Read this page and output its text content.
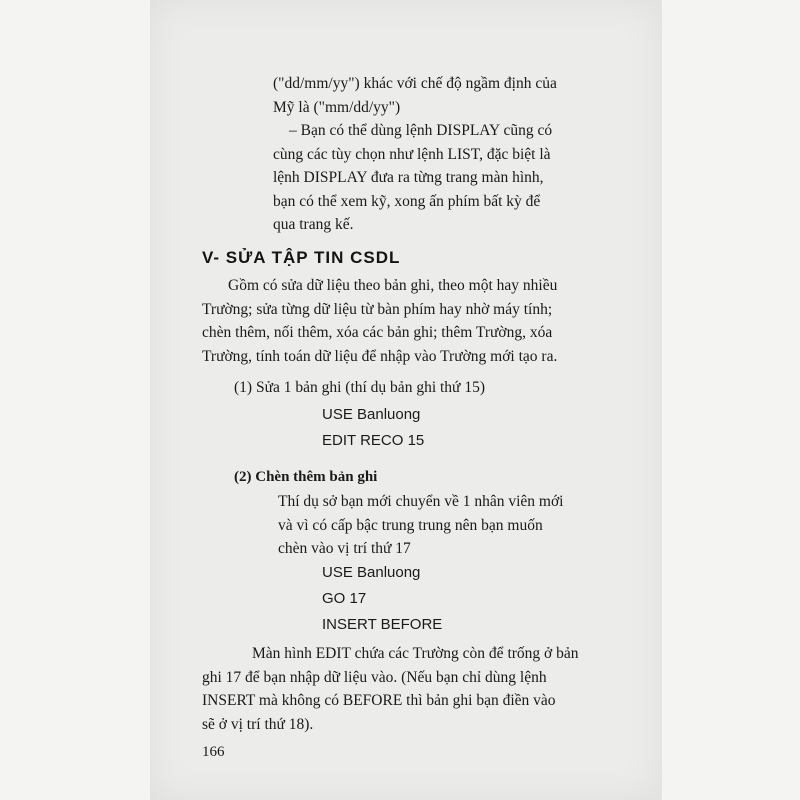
("dd/mm/yy") khác với chế độ ngầm định của
Mỹ là ("mm/dd/yy")
– Bạn có thể dùng lệnh DISPLAY cũng có
cùng các tùy chọn như lệnh LIST, đặc biệt là
lệnh DISPLAY đưa ra từng trang màn hình,
bạn có thể xem kỹ, xong ấn phím bất kỳ để
qua trang kế.
V- SỬA TẬP TIN CSDL
Gồm có sửa dữ liệu theo bản ghi, theo một hay nhiều
Trường; sửa từng dữ liệu từ bàn phím hay nhờ máy tính;
chèn thêm, nối thêm, xóa các bản ghi; thêm Trường, xóa
Trường, tính toán dữ liệu để nhập vào Trường mới tạo ra.
(1) Sửa 1 bản ghi (thí dụ bản ghi thứ 15)
USE Banluong
EDIT RECO 15
(2) Chèn thêm bản ghi
Thí dụ sở bạn mới chuyển về 1 nhân viên mới
và vì có cấp bậc trung trung nên bạn muốn
chèn vào vị trí thứ 17
USE Banluong
GO 17
INSERT BEFORE
Màn hình EDIT chứa các Trường còn để trống ở bản
ghi 17 để bạn nhập dữ liệu vào. (Nếu bạn chỉ dùng lệnh
INSERT mà không có BEFORE thì bản ghi bạn điền vào
sẽ ở vị trí thứ 18).
166
